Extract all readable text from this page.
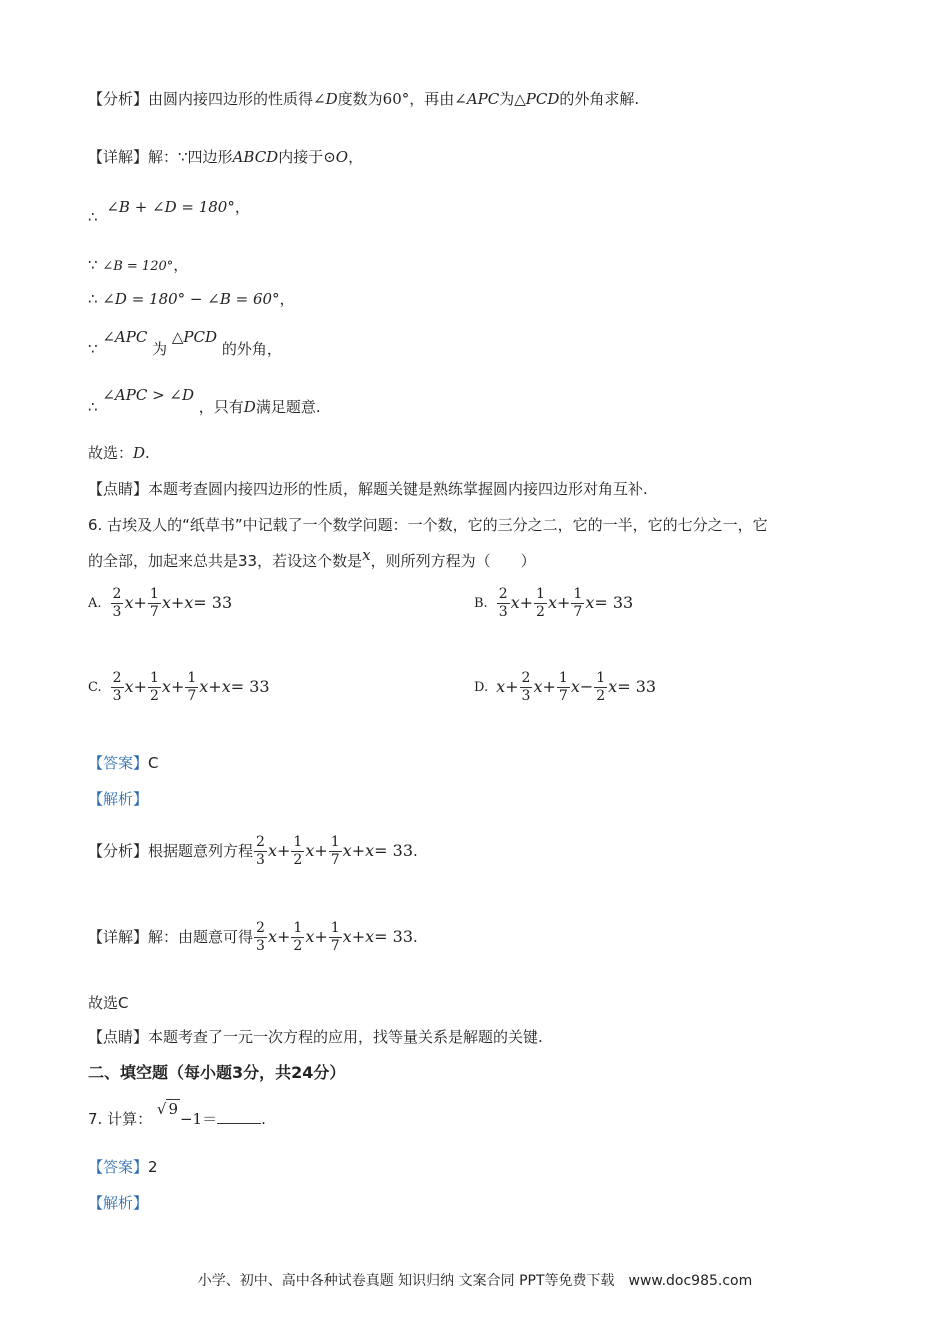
【分析】由圆内接四边形的性质得∠D度数为60°，再由∠APC为△PCD的外角求解.
【详解】解：∵四边形ABCD内接于⊙O，
∴ ∠B + ∠D = 180°，
∵ ∠B = 120°，
∴ ∠D = 180° − ∠B = 60°，
∵ ∠APC 为 △PCD 的外角，
∴ ∠APC > ∠D ，只有D满足题意.
故选：D.
【点睛】本题考查圆内接四边形的性质，解题关键是熟练掌握圆内接四边形对角互补.
6. 古埃及人的“纸草书”中记载了一个数学问题：一个数，它的三分之二，它的一半，它的七分之一，它
的全部，加起来总共是33，若设这个数是x，则所列方程为（　　）
A. $\frac{2}{3} x+ \frac{1}{7} x+x= 33$	B. $\frac{2}{3} x+ \frac{1}{2} x+ \frac{1}{7} x= 33$
C. $\frac{2}{3} x+ \frac{1}{2} x+ \frac{1}{7} x+x= 33$	D. $x+ \frac{2}{3} x+ \frac{1}{7} x- \frac{1}{2} x= 33$
【答案】C
【解析】
【分析】根据题意列方程 $\frac{2}{3} x+ \frac{1}{2} x+ \frac{1}{7} x+x= 33$.
【详解】解：由题意可得 $\frac{2}{3} x+ \frac{1}{2} x+ \frac{1}{7} x+x= 33$.
故选C
【点睛】本题考查了一元一次方程的应用，找等量关系是解题的关键.
二、填空题（每小题3分，共24分）
7. 计算： √ 9−1＝	.
【答案】2
【解析】
小学、初中、高中各种试卷真题 知识归纳 文案合同 PPT等免费下载　www.doc985.com
